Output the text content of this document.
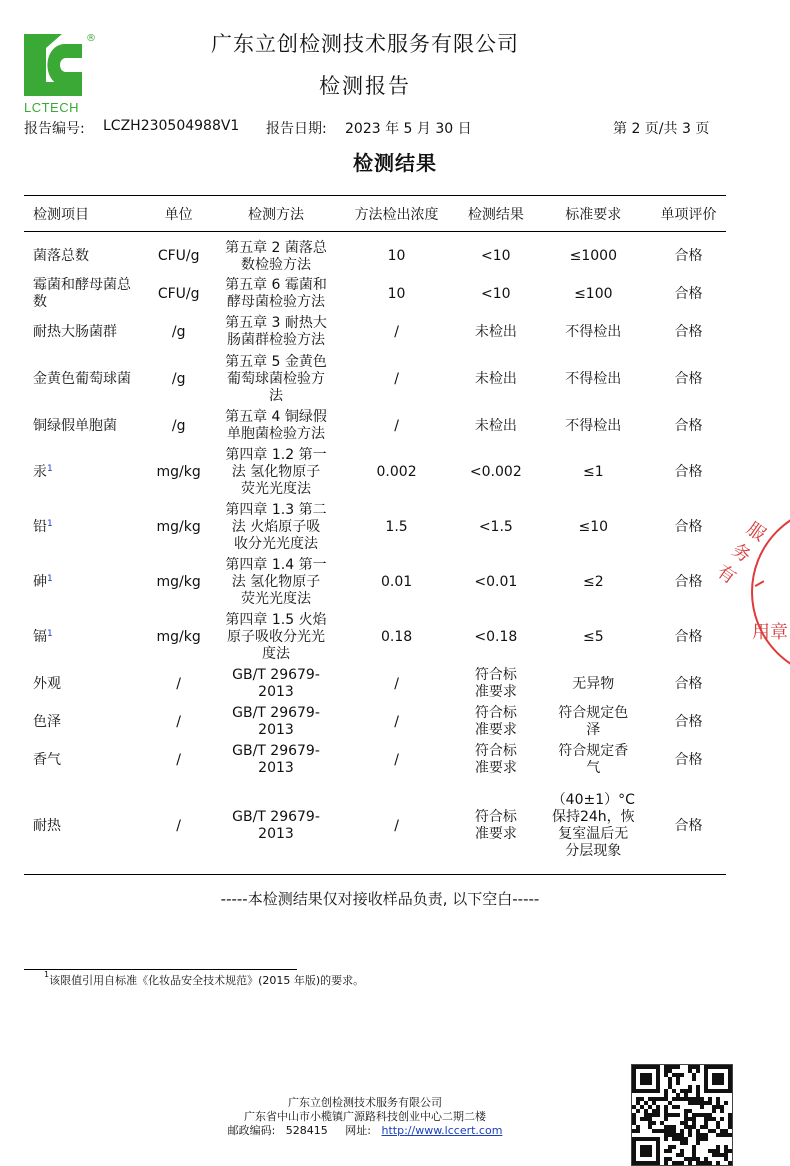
®
LCTECH
广东立创检测技术服务有限公司
检测报告
报告编号: LCZH230504988V1 报告日期: 2023 年 5 月 30 日	第 2 页/共 3 页
检测结果
检测项目	单位	检测方法	方法检出浓度	检测结果	标准要求	单项评价

菌落总数	CFU/g	第五章 2 菌落总数检验方法	10	<10	≤1000	合格
霉菌和酵母菌总数	CFU/g	第五章 6 霉菌和酵母菌检验方法	10	<10	≤100	合格
耐热大肠菌群	/g	第五章 3 耐热大肠菌群检验方法	/	未检出	不得检出	合格
金黄色葡萄球菌	/g	第五章 5 金黄色葡萄球菌检验方法	/	未检出	不得检出	合格
铜绿假单胞菌	/g	第五章 4 铜绿假单胞菌检验方法	/	未检出	不得检出	合格
汞$^1$	mg/kg	第四章 1.2 第一法 氢化物原子荧光光度法	0.002	<0.002	≤1	合格
铅$^1$	mg/kg	第四章 1.3 第二法 火焰原子吸收分光光度法	1.5	<1.5	≤10	合格
砷$^1$	mg/kg	第四章 1.4 第一法 氢化物原子荧光光度法	0.01	<0.01	≤2	合格
镉$^1$	mg/kg	第四章 1.5 火焰原子吸收分光光度法	0.18	<0.18	≤5	合格
外观	/	GB/T 29679-2013	/	符合标准要求	无异物	合格
色泽	/	GB/T 29679-2013	/	符合标准要求	符合规定色泽	合格
香气	/	GB/T 29679-2013	/	符合标准要求	符合规定香气	合格
耐热	/	GB/T 29679-2013	/	符合标准要求	（40±1）°C保持24h，恢复室温后无分层现象	合格
-----本检测结果仅对接收样品负责, 以下空白-----
$^1$该限值引用自标准《化妆品安全技术规范》(2015 年版)的要求。
广东立创检测技术服务有限公司
广东省中山市小榄镇广源路科技创业中心二期二楼
邮政编码: 528415 网址: http://www.lccert.com
服务有
用章
